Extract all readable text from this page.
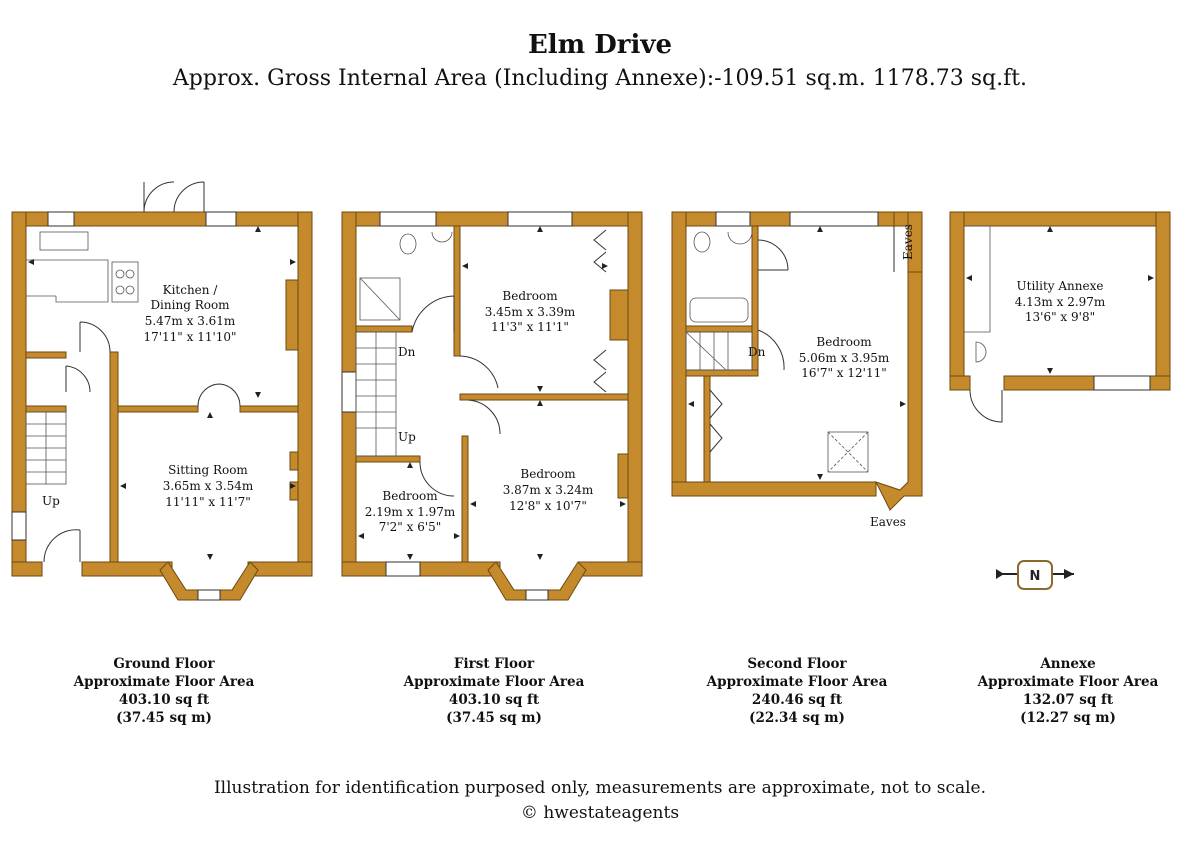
Elm Drive
Approx. Gross Internal Area (Including Annexe):-109.51 sq.m. 1178.73 sq.ft.
Kitchen /
Dining Room
5.47m x 3.61m
17'11" x 11'10"
Sitting Room
3.65m x 3.54m
11'11" x 11'7"
Up
Bedroom
3.45m x 3.39m
11'3" x 11'1"
Bedroom
3.87m x 3.24m
12'8" x 10'7"
Bedroom
2.19m x 1.97m
7'2" x 6'5"
Dn
Up
Eaves
Bedroom
5.06m x 3.95m
16'7" x 12'11"
Dn
Eaves
Utility Annexe
4.13m x 2.97m
13'6" x 9'8"
N
Ground Floor
Approximate Floor Area
403.10 sq ft
(37.45 sq m)
First Floor
Approximate Floor Area
403.10 sq ft
(37.45 sq m)
Second Floor
Approximate Floor Area
240.46 sq ft
(22.34 sq m)
Annexe
Approximate Floor Area
132.07 sq ft
(12.27 sq m)
Illustration for identification purposed only, measurements are approximate, not to scale.
© hwestateagents
